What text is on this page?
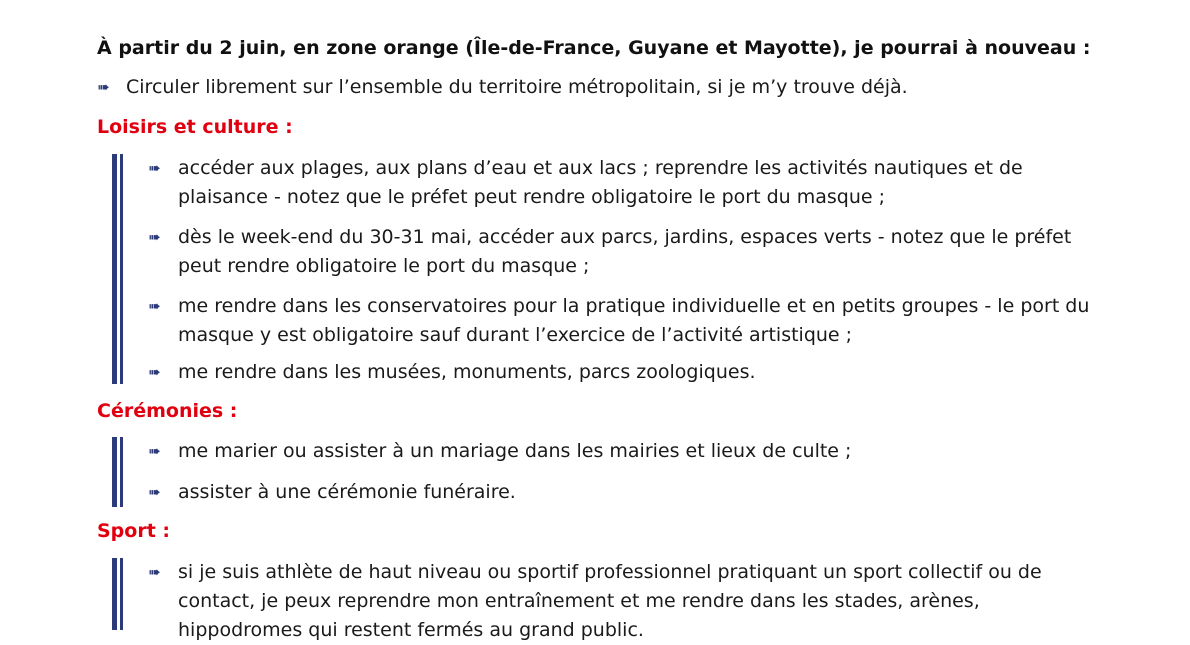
À partir du 2 juin, en zone orange (Île-de-France, Guyane et Mayotte), je pourrai à nouveau :
➠ Circuler librement sur l’ensemble du territoire métropolitain, si je m’y trouve déjà.
Loisirs et culture :
➠ accéder aux plages, aux plans d’eau et aux lacs ; reprendre les activités nautiques et de plaisance - notez que le préfet peut rendre obligatoire le port du masque ;
➠ dès le week-end du 30-31 mai, accéder aux parcs, jardins, espaces verts - notez que le préfet peut rendre obligatoire le port du masque ;
➠ me rendre dans les conservatoires pour la pratique individuelle et en petits groupes - le port du masque y est obligatoire sauf durant l’exercice de l’activité artistique ;
➠ me rendre dans les musées, monuments, parcs zoologiques.
Cérémonies :
➠ me marier ou assister à un mariage dans les mairies et lieux de culte ;
➠ assister à une cérémonie funéraire.
Sport :
➠ si je suis athlète de haut niveau ou sportif professionnel pratiquant un sport collectif ou de contact, je peux reprendre mon entraînement et me rendre dans les stades, arènes, hippodromes qui restent fermés au grand public.
